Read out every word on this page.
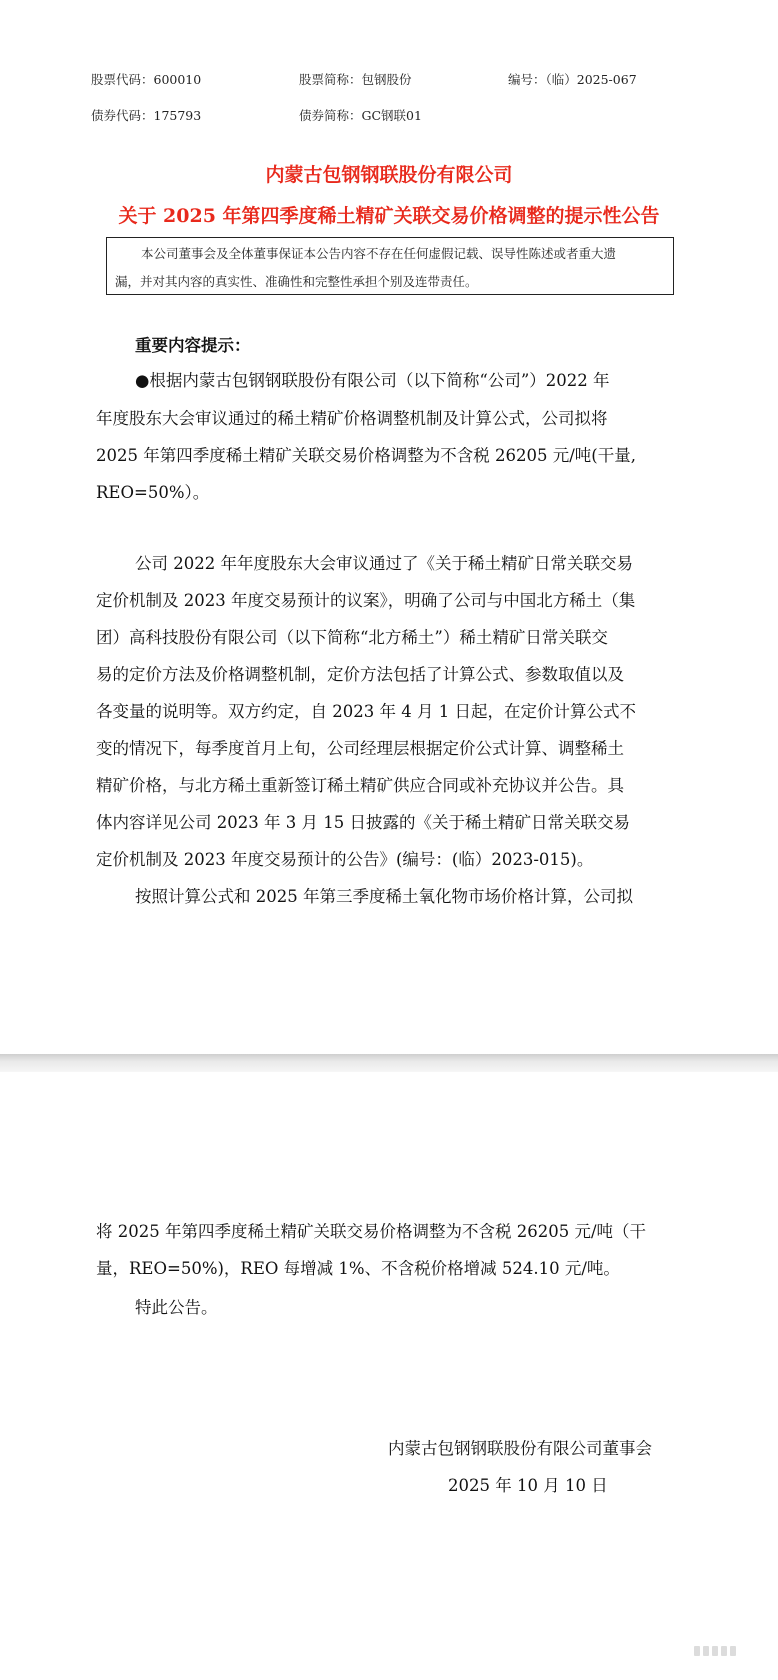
股票代码：600010	股票简称：包钢股份	编号：（临）2025-067
债券代码：175793	债券简称：GC钢联01
内蒙古包钢钢联股份有限公司
关于 2025 年第四季度稀土精矿关联交易价格调整的提示性公告
本公司董事会及全体董事保证本公告内容不存在任何虚假记载、误导性陈述或者重大遗
漏，并对其内容的真实性、准确性和完整性承担个别及连带责任。
重要内容提示：
●根据内蒙古包钢钢联股份有限公司（以下简称“公司”）2022 年
年度股东大会审议通过的稀土精矿价格调整机制及计算公式，公司拟将
2025 年第四季度稀土精矿关联交易价格调整为不含税 26205 元/吨(干量,
REO=50%）。
公司 2022 年年度股东大会审议通过了《关于稀土精矿日常关联交易
定价机制及 2023 年度交易预计的议案》，明确了公司与中国北方稀土（集
团）高科技股份有限公司（以下简称“北方稀土”）稀土精矿日常关联交
易的定价方法及价格调整机制，定价方法包括了计算公式、参数取值以及
各变量的说明等。双方约定，自 2023 年 4 月 1 日起，在定价计算公式不
变的情况下，每季度首月上旬，公司经理层根据定价公式计算、调整稀土
精矿价格，与北方稀土重新签订稀土精矿供应合同或补充协议并公告。具
体内容详见公司 2023 年 3 月 15 日披露的《关于稀土精矿日常关联交易
定价机制及 2023 年度交易预计的公告》(编号：(临）2023-015)。
按照计算公式和 2025 年第三季度稀土氧化物市场价格计算，公司拟
将 2025 年第四季度稀土精矿关联交易价格调整为不含税 26205 元/吨（干
量，REO=50%)，REO 每增减 1%、不含税价格增减 524.10 元/吨。
特此公告。
内蒙古包钢钢联股份有限公司董事会
2025 年 10 月 10 日
